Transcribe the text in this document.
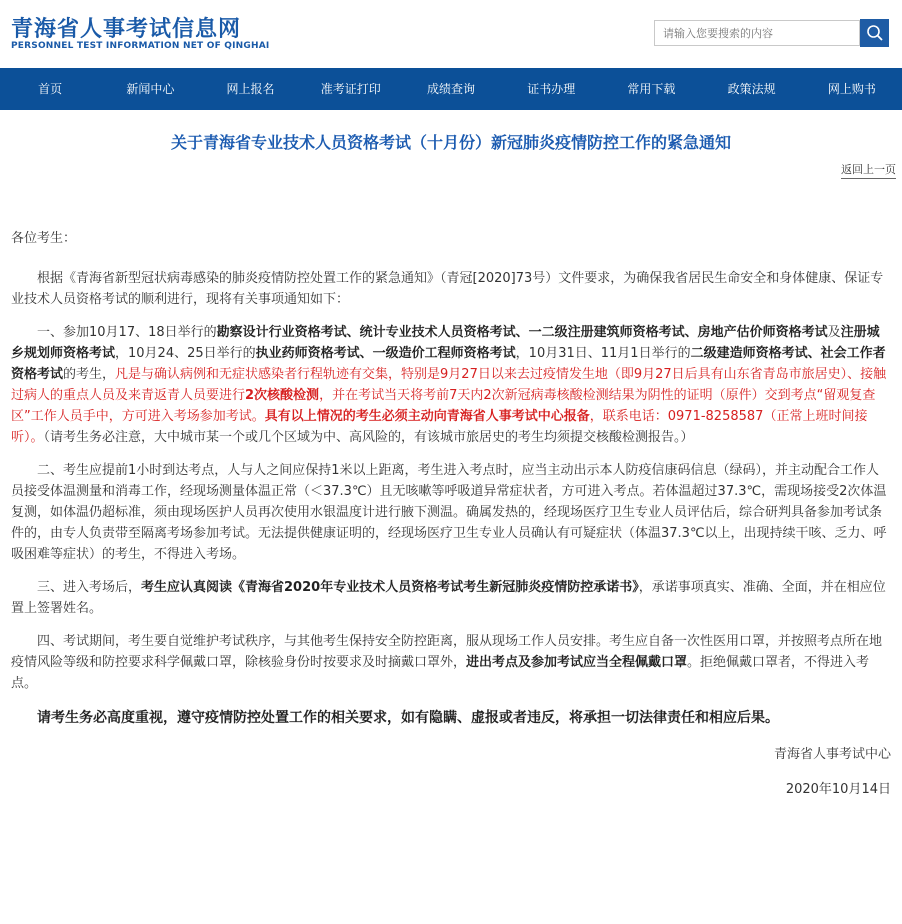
青海省人事考试信息网
PERSONNEL TEST INFORMATION NET OF QINGHAI
请输入您要搜索的内容
首页	新闻中心	网上报名	准考证打印	成绩查询	证书办理	常用下载	政策法规	网上购书
关于青海省专业技术人员资格考试（十月份）新冠肺炎疫情防控工作的紧急通知
返回上一页

各位考生：

根据《青海省新型冠状病毒感染的肺炎疫情防控处置工作的紧急通知》（青冠[2020]73号）文件要求，为确保我省居民生命安全和身体健康、保证专业技术人员资格考试的顺利进行，现将有关事项通知如下：

一、参加10月17、18日举行的勘察设计行业资格考试、统计专业技术人员资格考试、一二级注册建筑师资格考试、房地产估价师资格考试及注册城乡规划师资格考试，10月24、25日举行的执业药师资格考试、一级造价工程师资格考试，10月31日、11月1日举行的二级建造师资格考试、社会工作者资格考试的考生，凡是与确认病例和无症状感染者行程轨迹有交集，特别是9月27日以来去过疫情发生地（即9月27日后具有山东省青岛市旅居史）、接触过病人的重点人员及来青返青人员要进行2次核酸检测，并在考试当天将考前7天内2次新冠病毒核酸检测结果为阴性的证明（原件）交到考点“留观复查区”工作人员手中，方可进入考场参加考试。具有以上情况的考生必须主动向青海省人事考试中心报备，联系电话：0971-8258587（正常上班时间接听）。（请考生务必注意，大中城市某一个或几个区域为中、高风险的，有该城市旅居史的考生均须提交核酸检测报告。）

二、考生应提前1小时到达考点，人与人之间应保持1米以上距离，考生进入考点时，应当主动出示本人防疫信康码信息（绿码），并主动配合工作人员接受体温测量和消毒工作，经现场测量体温正常（＜37.3℃）且无咳嗽等呼吸道异常症状者，方可进入考点。若体温超过37.3℃，需现场接受2次体温复测，如体温仍超标准，须由现场医护人员再次使用水银温度计进行腋下测温。确属发热的，经现场医疗卫生专业人员评估后，综合研判具备参加考试条件的，由专人负责带至隔离考场参加考试。无法提供健康证明的，经现场医疗卫生专业人员确认有可疑症状（体温37.3℃以上，出现持续干咳、乏力、呼吸困难等症状）的考生，不得进入考场。

三、进入考场后，考生应认真阅读《青海省2020年专业技术人员资格考试考生新冠肺炎疫情防控承诺书》，承诺事项真实、准确、全面，并在相应位置上签署姓名。

四、考试期间，考生要自觉维护考试秩序，与其他考生保持安全防控距离，服从现场工作人员安排。考生应自备一次性医用口罩，并按照考点所在地疫情风险等级和防控要求科学佩戴口罩，除核验身份时按要求及时摘戴口罩外，进出考点及参加考试应当全程佩戴口罩。拒绝佩戴口罩者，不得进入考点。

请考生务必高度重视，遵守疫情防控处置工作的相关要求，如有隐瞒、虚报或者违反，将承担一切法律责任和相应后果。

青海省人事考试中心

2020年10月14日
